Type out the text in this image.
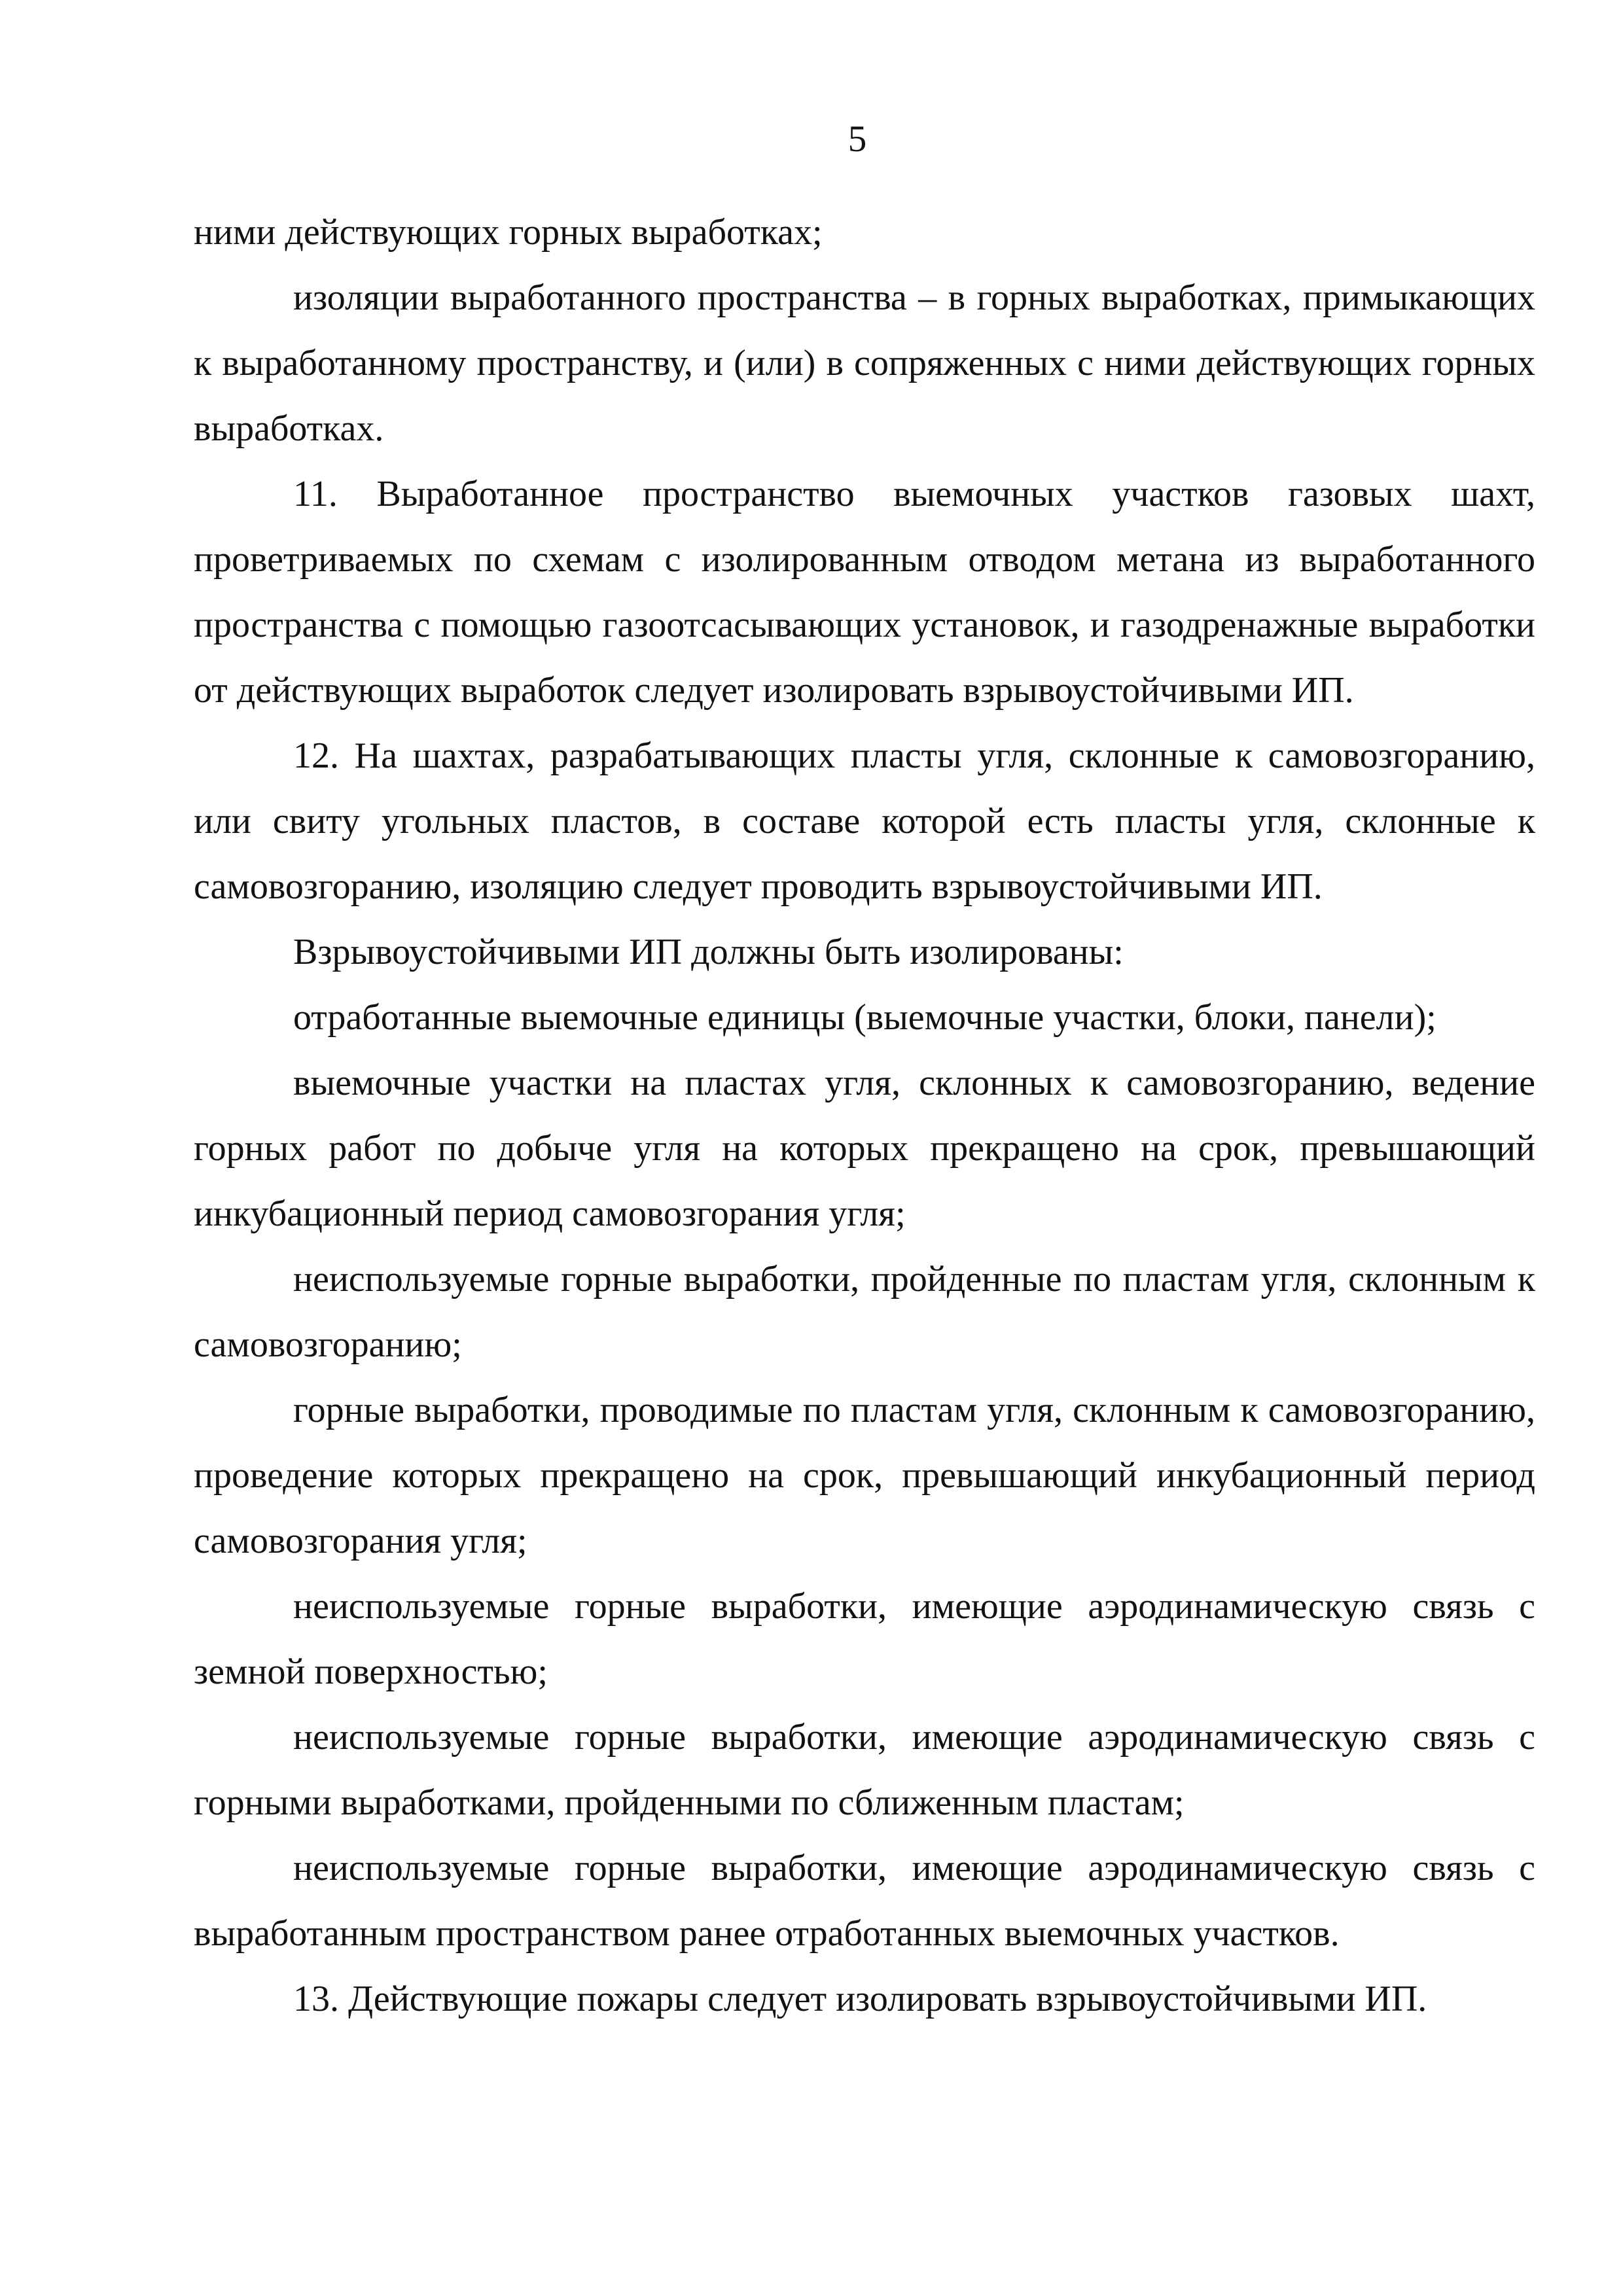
5

ними действующих горных выработках;

изоляции выработанного пространства – в горных выработках, примыкающих к выработанному пространству, и (или) в сопряженных с ними действующих горных выработках.

11. Выработанное пространство выемочных участков газовых шахт, проветриваемых по схемам с изолированным отводом метана из выработанного пространства с помощью газоотсасывающих установок, и газодренажные выработки от действующих выработок следует изолировать взрывоустойчивыми ИП.

12. На шахтах, разрабатывающих пласты угля, склонные к самовозгоранию, или свиту угольных пластов, в составе которой есть пласты угля, склонные к самовозгоранию, изоляцию следует проводить взрывоустойчивыми ИП.

Взрывоустойчивыми ИП должны быть изолированы:

отработанные выемочные единицы (выемочные участки, блоки, панели);

выемочные участки на пластах угля, склонных к самовозгоранию, ведение горных работ по добыче угля на которых прекращено на срок, превышающий инкубационный период самовозгорания угля;

неиспользуемые горные выработки, пройденные по пластам угля, склонным к самовозгоранию;

горные выработки, проводимые по пластам угля, склонным к самовозгоранию, проведение которых прекращено на срок, превышающий инкубационный период самовозгорания угля;

неиспользуемые горные выработки, имеющие аэродинамическую связь с земной поверхностью;

неиспользуемые горные выработки, имеющие аэродинамическую связь с горными выработками, пройденными по сближенным пластам;

неиспользуемые горные выработки, имеющие аэродинамическую связь с выработанным пространством ранее отработанных выемочных участков.

13. Действующие пожары следует изолировать взрывоустойчивыми ИП.
